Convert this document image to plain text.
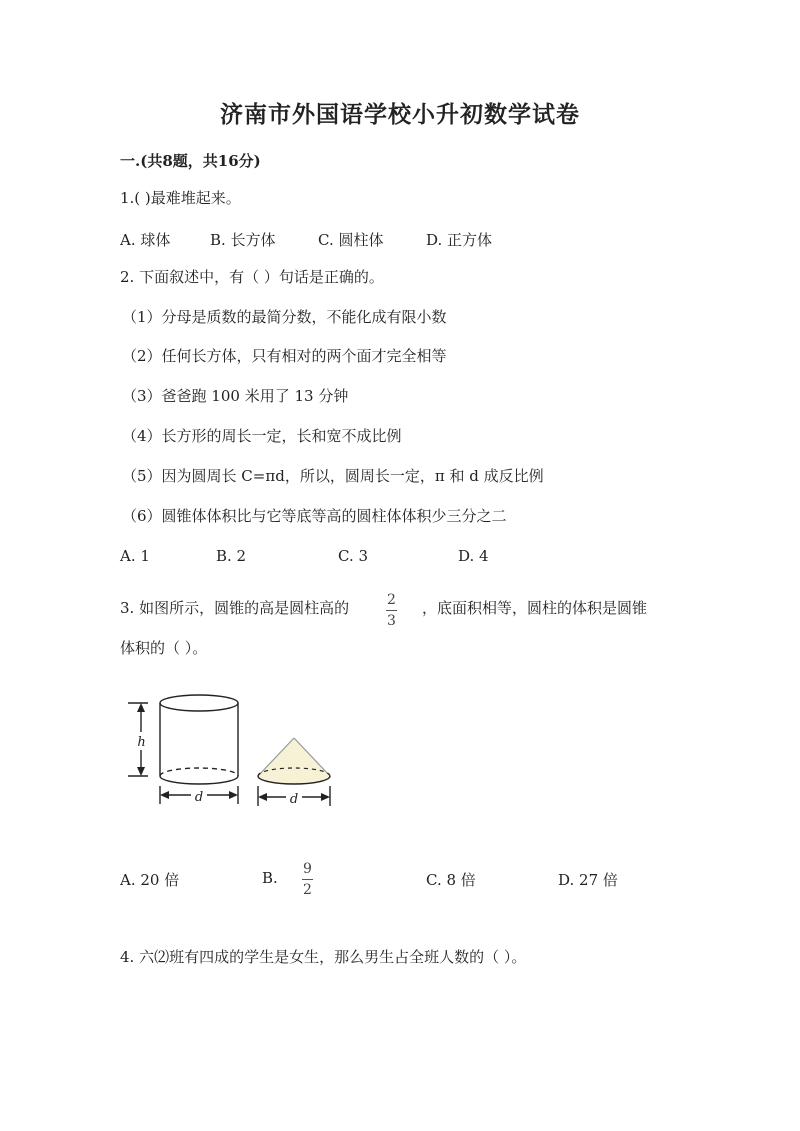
济南市外国语学校小升初数学试卷
一.(共8题，共16分)
1.( )最难堆起来。
A. 球体	B. 长方体	C. 圆柱体	D. 正方体
2. 下面叙述中，有（ ）句话是正确的。
（1）分母是质数的最简分数，不能化成有限小数
（2）任何长方体，只有相对的两个面才完全相等
（3）爸爸跑 100 米用了 13 分钟
（4）长方形的周长一定，长和宽不成比例
（5）因为圆周长 C=πd，所以，圆周长一定，π 和 d 成反比例
（6）圆锥体体积比与它等底等高的圆柱体体积少三分之二
A. 1	B. 2	C. 3	D. 4
3. 如图所示，圆锥的高是圆柱高的	2
3
，底面积相等，圆柱的体积是圆锥
体积的（ ）。
h
d	d
A. 20 倍	B. 9
2
C. 8 倍	D. 27 倍
4. 六⑵班有四成的学生是女生，那么男生占全班人数的（ ）。
